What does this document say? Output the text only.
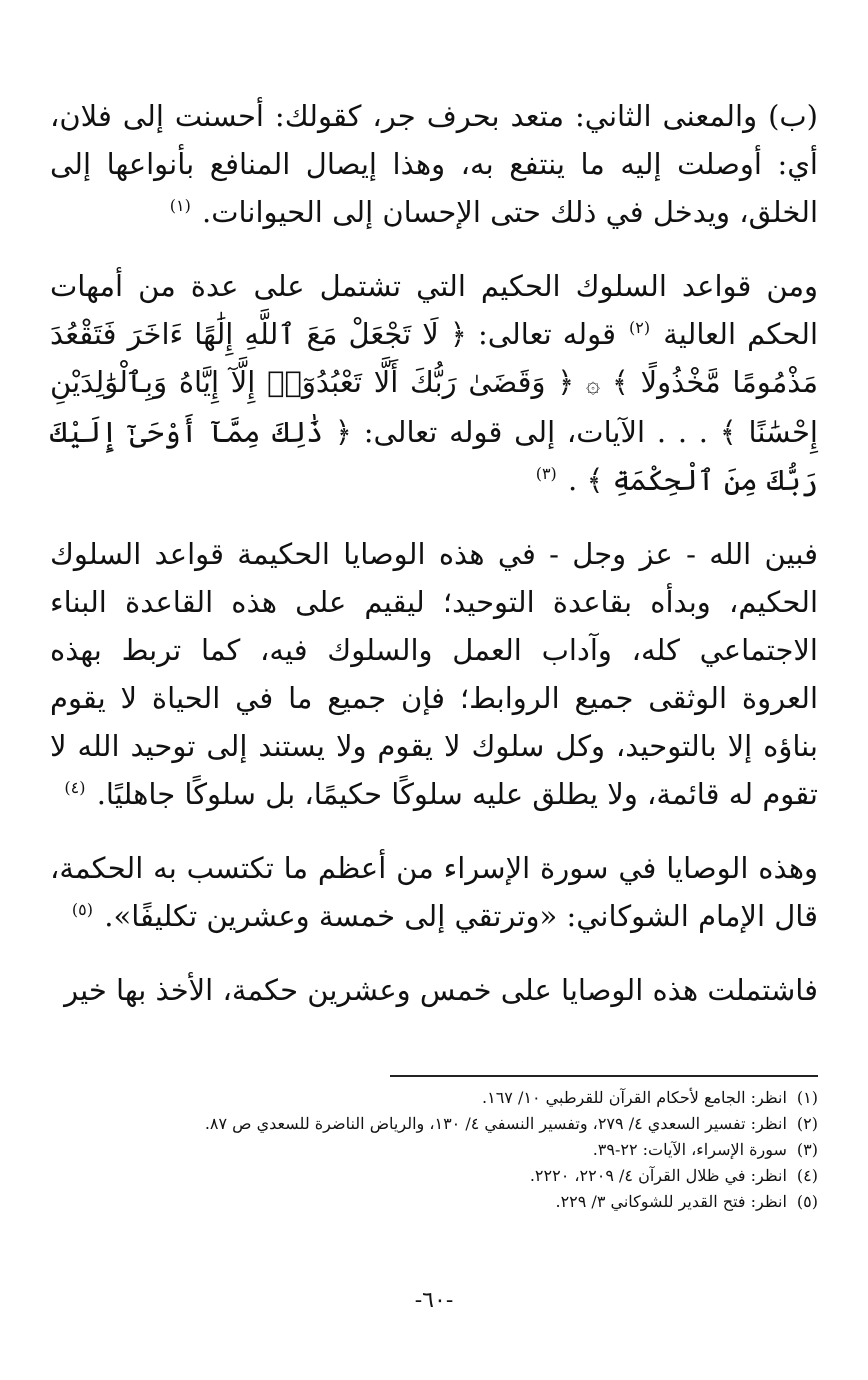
(ب) والمعنى الثاني: متعد بحرف جر، كقولك: أحسنت إلى فلان، أي: أوصلت إليه ما ينتفع به، وهذا إيصال المنافع بأنواعها إلى الخلق، ويدخل في ذلك حتى الإحسان إلى الحيوانات. $^{(١)}$

ومن قواعد السلوك الحكيم التي تشتمل على عدة من أمهات الحكم العالية $^{(٢)}$ قوله تعالى: ﴿ لَا تَجْعَلْ مَعَ ٱللَّهِ إِلَٰهًا ءَاخَرَ فَتَقْعُدَ مَذْمُومًا مَّخْذُولًا ﴾ ۞ ﴿ وَقَضَىٰ رَبُّكَ أَلَّا تَعْبُدُوٓا۟ إِلَّآ إِيَّاهُ وَبِٱلْوَٰلِدَيْنِ إِحْسَٰنًا ﴾ . . . الآيات، إلى قوله تعالى: ﴿ ذَٰلِكَ مِمَّآ أَوْحَىٰٓ إِلَيْكَ رَبُّكَ مِنَ ٱلْحِكْمَةِ ﴾ . $^{(٣)}$

فبين الله - عز وجل - في هذه الوصايا الحكيمة قواعد السلوك الحكيم، وبدأه بقاعدة التوحيد؛ ليقيم على هذه القاعدة البناء الاجتماعي كله، وآداب العمل والسلوك فيه، كما تربط بهذه العروة الوثقى جميع الروابط؛ فإن جميع ما في الحياة لا يقوم بناؤه إلا بالتوحيد، وكل سلوك لا يقوم ولا يستند إلى توحيد الله لا تقوم له قائمة، ولا يطلق عليه سلوكًا حكيمًا، بل سلوكًا جاهليًا. $^{(٤)}$

وهذه الوصايا في سورة الإسراء من أعظم ما تكتسب به الحكمة، قال الإمام الشوكاني: «وترتقي إلى خمسة وعشرين تكليفًا». $^{(٥)}$

فاشتملت هذه الوصايا على خمس وعشرين حكمة، الأخذ بها خير

(١)انظر: الجامع لأحكام القرآن للقرطبي ١٠/ ١٦٧.

(٢)انظر: تفسير السعدي ٤/ ٢٧٩، وتفسير النسفي ٤/ ١٣٠، والرياض الناضرة للسعدي ص ٨٧.

(٣)سورة الإسراء، الآيات: ٢٢-٣٩.

(٤)انظر: في ظلال القرآن ٤/ ٢٢٠٩، ٢٢٢٠.

(٥)انظر: فتح القدير للشوكاني ٣/ ٢٢٩.

-٦٠-
